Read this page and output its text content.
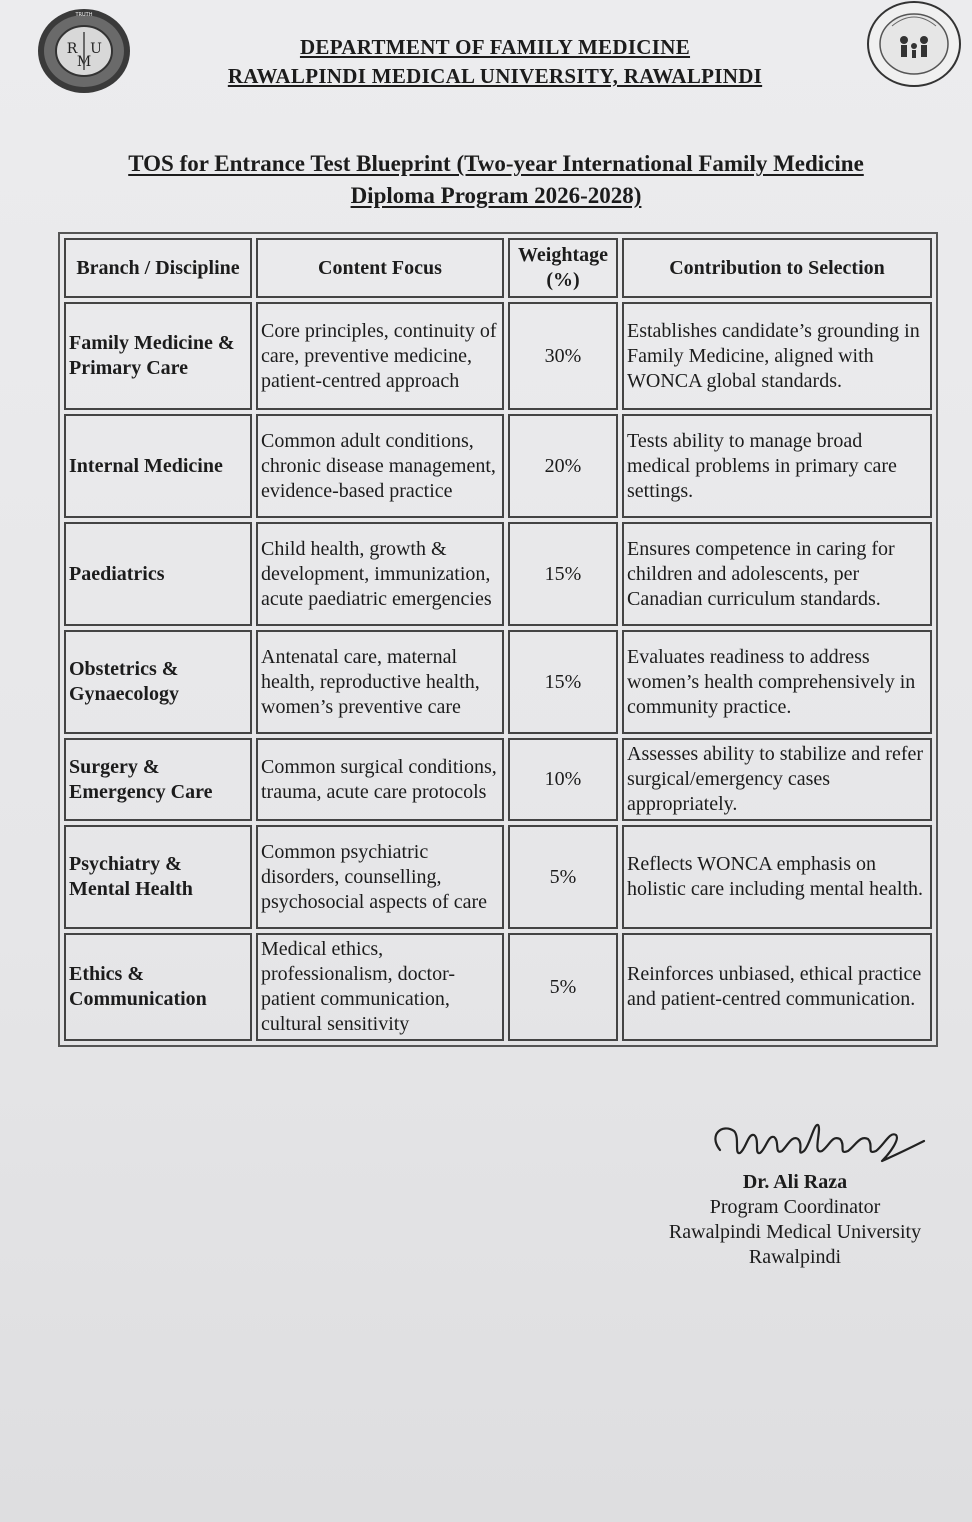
TRUTH
R U
M
DEPARTMENT OF FAMILY MEDICINE
RAWALPINDI MEDICAL UNIVERSITY, RAWALPINDI
TOS for Entrance Test Blueprint (Two-year International Family Medicine
Diploma Program 2026-2028)
Branch / Discipline	Content Focus	Weightage (%)	Contribution to Selection
Family Medicine & Primary Care	Core principles, continuity of care, preventive medicine, patient-centred approach	30%	Establishes candidate’s grounding in Family Medicine, aligned with WONCA global standards.
Internal Medicine	Common adult conditions, chronic disease management, evidence-based practice	20%	Tests ability to manage broad medical problems in primary care settings.
Paediatrics	Child health, growth & development, immunization, acute paediatric emergencies	15%	Ensures competence in caring for children and adolescents, per Canadian curriculum standards.
Obstetrics & Gynaecology	Antenatal care, maternal health, reproductive health, women’s preventive care	15%	Evaluates readiness to address women’s health comprehensively in community practice.
Surgery & Emergency Care	Common surgical conditions, trauma, acute care protocols	10%	Assesses ability to stabilize and refer surgical/emergency cases appropriately.
Psychiatry & Mental Health	Common psychiatric disorders, counselling, psychosocial aspects of care	5%	Reflects WONCA emphasis on holistic care including mental health.
Ethics & Communication	Medical ethics, professionalism, doctor-patient communication, cultural sensitivity	5%	Reinforces unbiased, ethical practice and patient-centred communication.
Dr. Ali Raza
Program Coordinator
Rawalpindi Medical University
Rawalpindi
